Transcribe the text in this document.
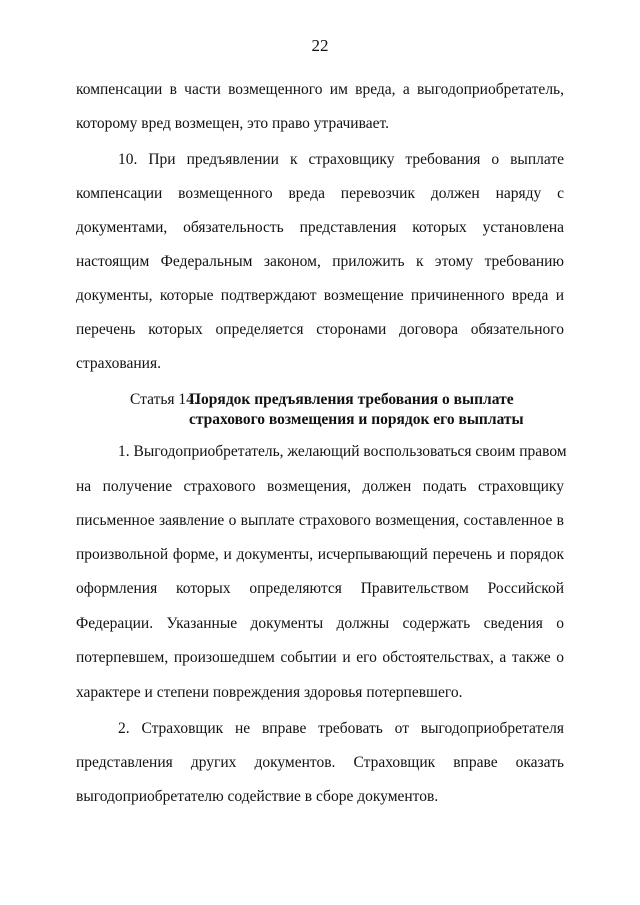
22
компенсации в части возмещенного им вреда, а выгодоприобретатель,
которому вред возмещен, это право утрачивает.
10. При предъявлении к страховщику требования о выплате
компенсации возмещенного вреда перевозчик должен наряду с
документами, обязательность представления которых установлена
настоящим Федеральным законом, приложить к этому требованию
документы, которые подтверждают возмещение причиненного вреда и
перечень которых определяется сторонами договора обязательного
страхования.
Статья 14.
Порядок предъявления требования о выплате
страхового возмещения и порядок его выплаты
1. Выгодоприобретатель, желающий воспользоваться своим правом
на получение страхового возмещения, должен подать страховщику
письменное заявление о выплате страхового возмещения, составленное в
произвольной форме, и документы, исчерпывающий перечень и порядок
оформления которых определяются Правительством Российской
Федерации. Указанные документы должны содержать сведения о
потерпевшем, произошедшем событии и его обстоятельствах, а также о
характере и степени повреждения здоровья потерпевшего.
2. Страховщик не вправе требовать от выгодоприобретателя
представления других документов. Страховщик вправе оказать
выгодоприобретателю содействие в сборе документов.
